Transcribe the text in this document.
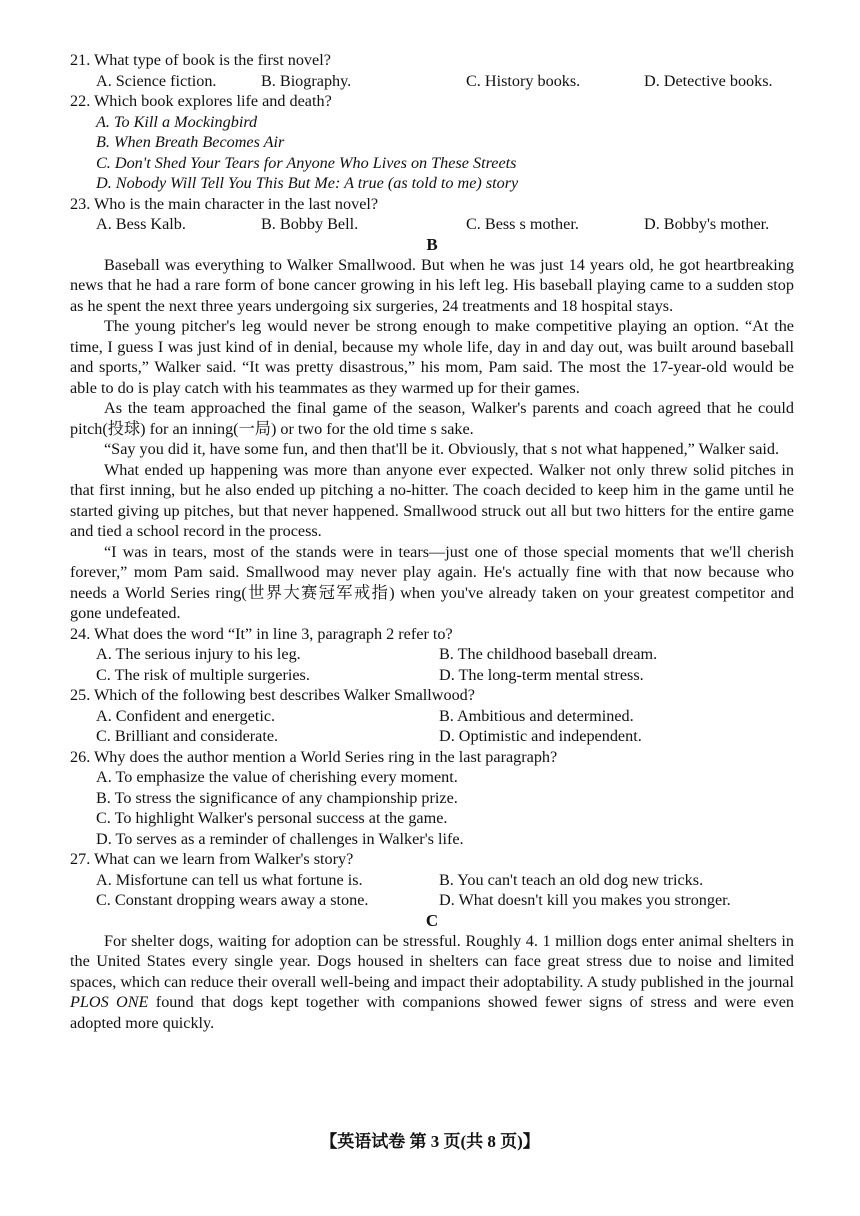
21. What type of book is the first novel?

A. Science fiction.	B. Biography.	C. History books.	D. Detective books.

22. Which book explores life and death?

A. To Kill a Mockingbird

B. When Breath Becomes Air

C. Don't Shed Your Tears for Anyone Who Lives on These Streets

D. Nobody Will Tell You This But Me: A true (as told to me) story

23. Who is the main character in the last novel?

A. Bess Kalb.	B. Bobby Bell.	C. Bess s mother.	D. Bobby's mother.

B

Baseball was everything to Walker Smallwood. But when he was just 14 years old, he got heartbreaking news that he had a rare form of bone cancer growing in his left leg. His baseball playing came to a sudden stop as he spent the next three years undergoing six surgeries, 24 treatments and 18 hospital stays.

The young pitcher's leg would never be strong enough to make competitive playing an option. “At the time, I guess I was just kind of in denial, because my whole life, day in and day out, was built around baseball and sports,” Walker said. “It was pretty disastrous,” his mom, Pam said. The most the 17-year-old would be able to do is play catch with his teammates as they warmed up for their games.

As the team approached the final game of the season, Walker's parents and coach agreed that he could pitch(投球) for an inning(一局) or two for the old time s sake.

“Say you did it, have some fun, and then that'll be it. Obviously, that s not what happened,” Walker said.

What ended up happening was more than anyone ever expected. Walker not only threw solid pitches in that first inning, but he also ended up pitching a no-hitter. The coach decided to keep him in the game until he started giving up pitches, but that never happened. Smallwood struck out all but two hitters for the entire game and tied a school record in the process.

“I was in tears, most of the stands were in tears—just one of those special moments that we'll cherish forever,” mom Pam said. Smallwood may never play again. He's actually fine with that now because who needs a World Series ring(世界大赛冠军戒指) when you've already taken on your greatest competitor and gone undefeated.

24. What does the word “It” in line 3, paragraph 2 refer to?

A. The serious injury to his leg.	B. The childhood baseball dream.
C. The risk of multiple surgeries.	D. The long-term mental stress.

25. Which of the following best describes Walker Smallwood?

A. Confident and energetic.	B. Ambitious and determined.
C. Brilliant and considerate.	D. Optimistic and independent.

26. Why does the author mention a World Series ring in the last paragraph?

A. To emphasize the value of cherishing every moment.

B. To stress the significance of any championship prize.

C. To highlight Walker's personal success at the game.

D. To serves as a reminder of challenges in Walker's life.

27. What can we learn from Walker's story?

A. Misfortune can tell us what fortune is.	B. You can't teach an old dog new tricks.
C. Constant dropping wears away a stone.	D. What doesn't kill you makes you stronger.

C

For shelter dogs, waiting for adoption can be stressful. Roughly 4. 1 million dogs enter animal shelters in the United States every single year. Dogs housed in shelters can face great stress due to noise and limited spaces, which can reduce their overall well-being and impact their adoptability. A study published in the journal PLOS ONE found that dogs kept together with companions showed fewer signs of stress and were even adopted more quickly.

【英语试卷 第 3 页(共 8 页)】
